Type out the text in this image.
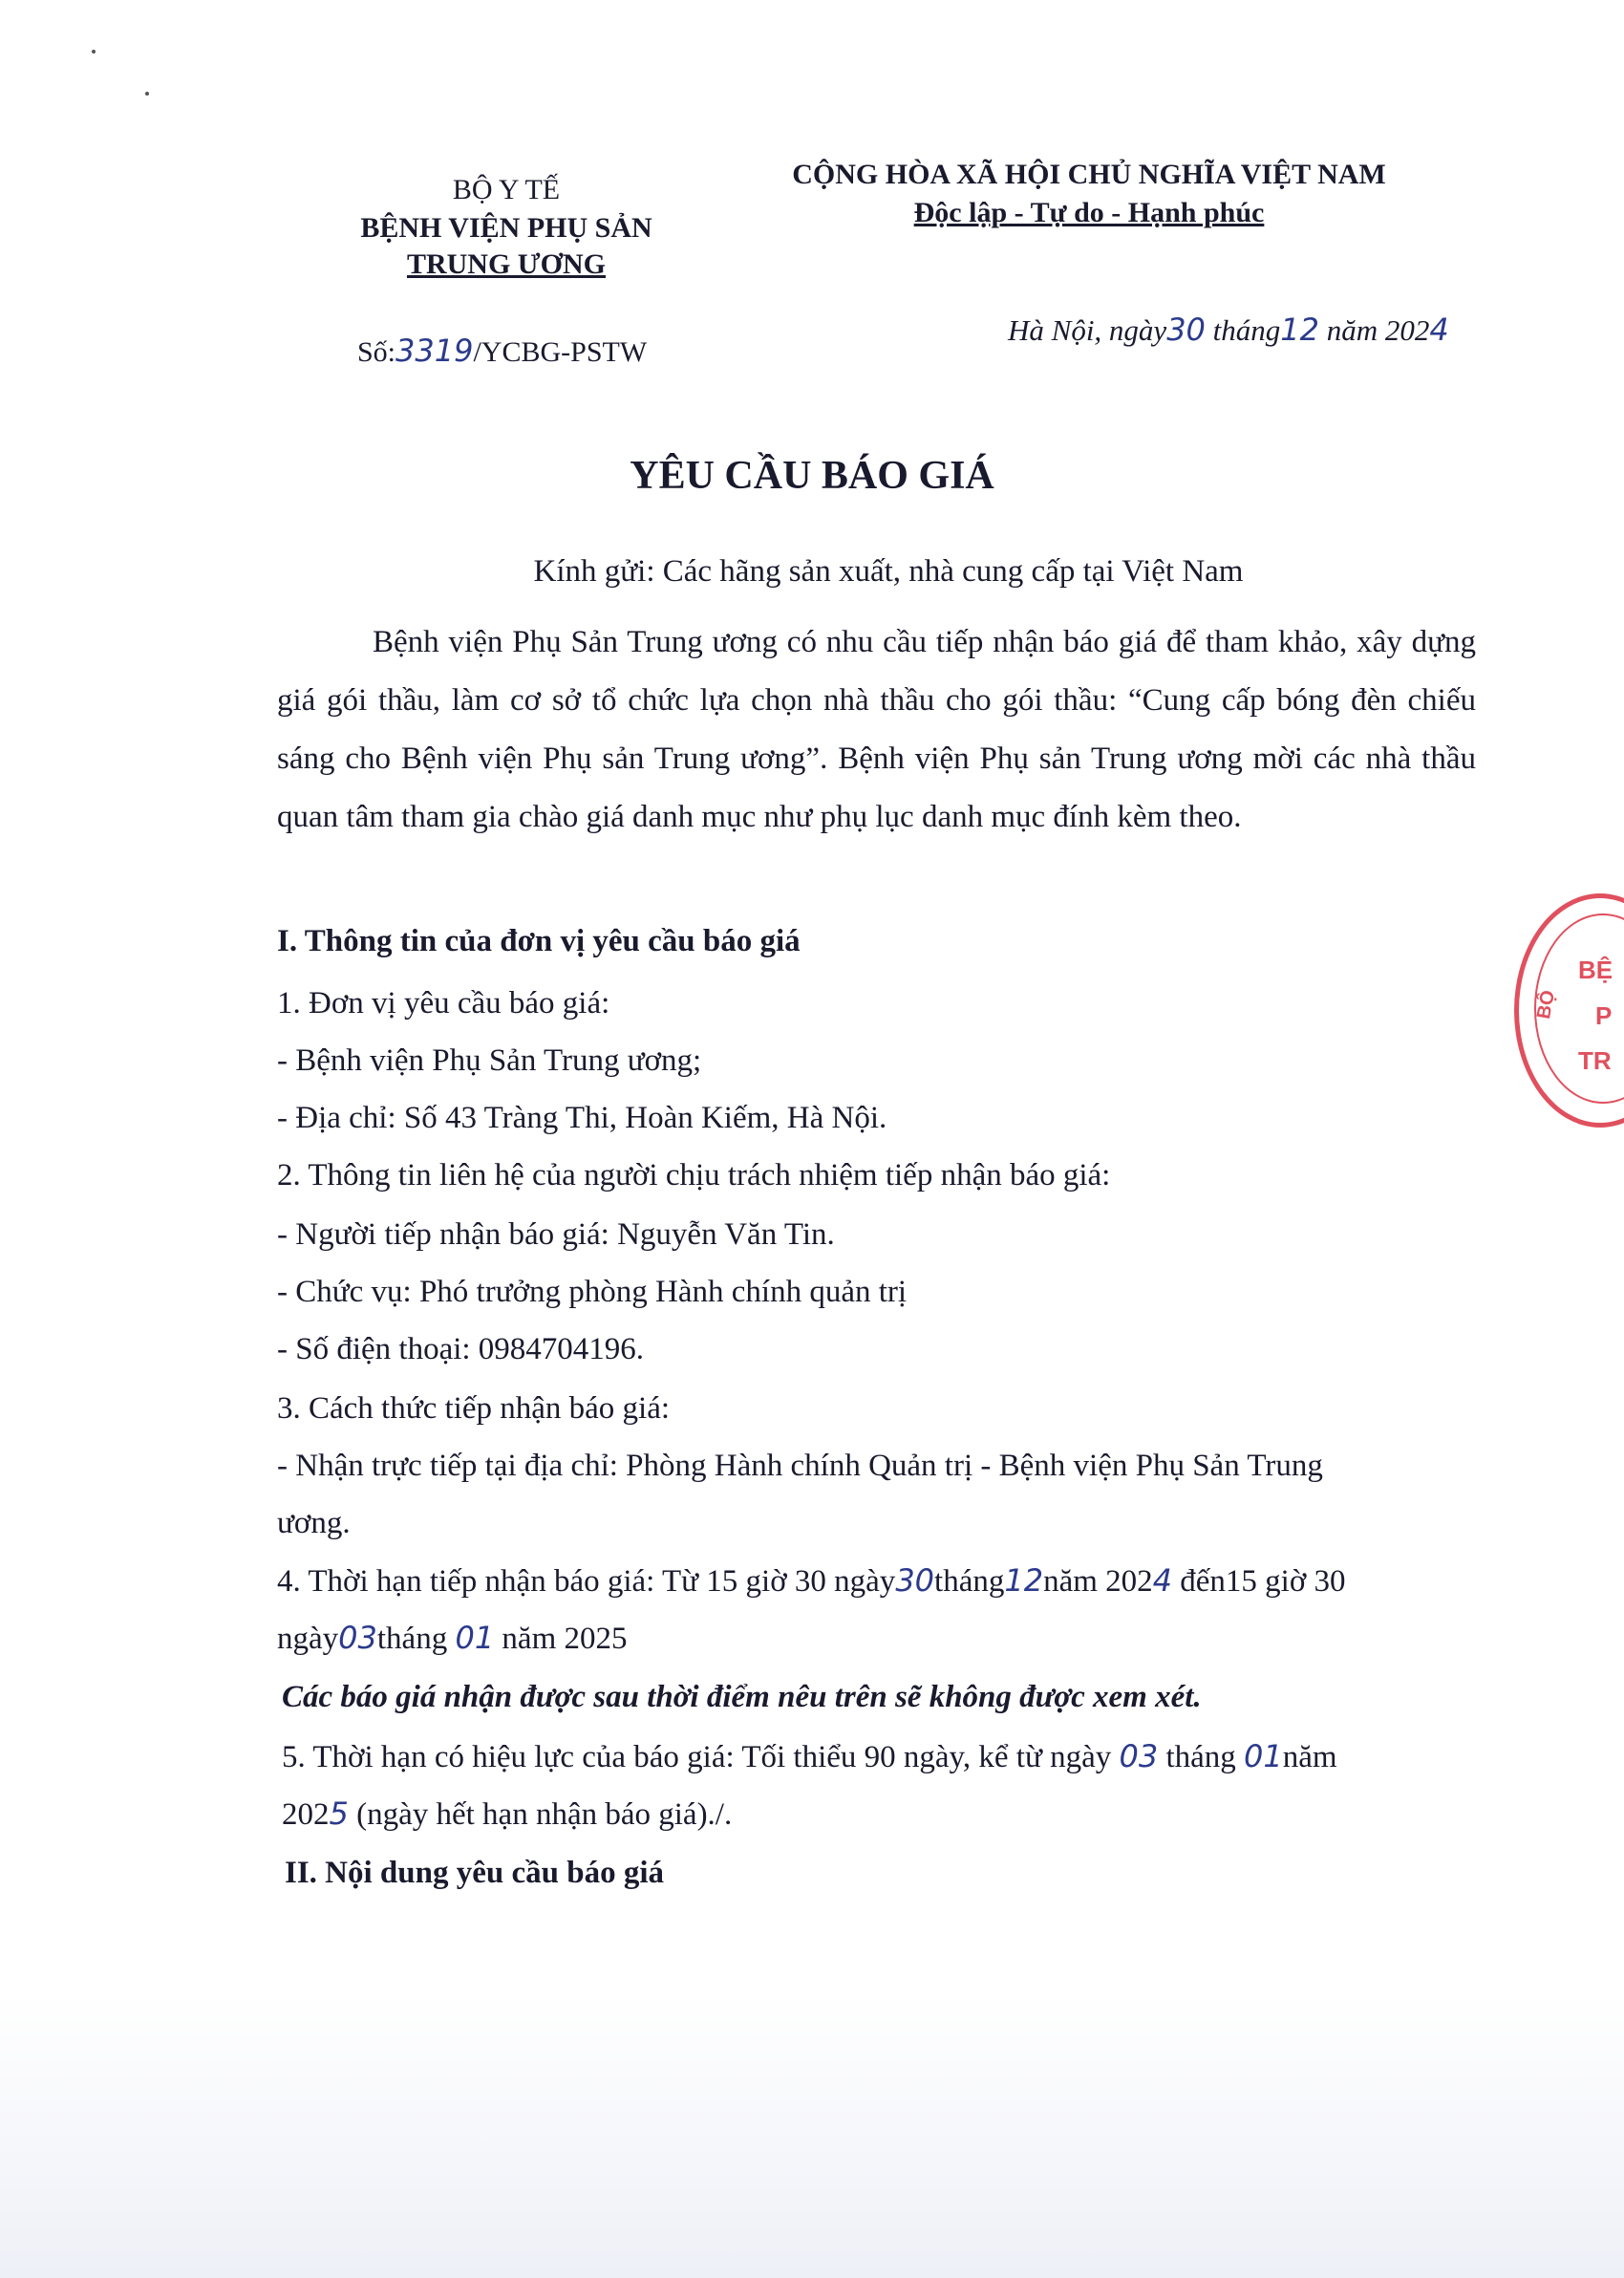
BỘ Y TẾ
BỆNH VIỆN PHỤ SẢN
TRUNG ƯƠNG
Số:3319/YCBG-PSTW
CỘNG HÒA XÃ HỘI CHỦ NGHĨA VIỆT NAM
Độc lập - Tự do - Hạnh phúc
Hà Nội, ngày30 tháng12 năm 2024
YÊU CẦU BÁO GIÁ
Kính gửi: Các hãng sản xuất, nhà cung cấp tại Việt Nam
Bệnh viện Phụ Sản Trung ương có nhu cầu tiếp nhận báo giá để tham khảo, xây dựng giá gói thầu, làm cơ sở tổ chức lựa chọn nhà thầu cho gói thầu: “Cung cấp bóng đèn chiếu sáng cho Bệnh viện Phụ sản Trung ương”. Bệnh viện Phụ sản Trung ương mời các nhà thầu quan tâm tham gia chào giá danh mục như phụ lục danh mục đính kèm theo.
I. Thông tin của đơn vị yêu cầu báo giá
1. Đơn vị yêu cầu báo giá:
- Bệnh viện Phụ Sản Trung ương;
- Địa chỉ: Số 43 Tràng Thi, Hoàn Kiếm, Hà Nội.
2. Thông tin liên hệ của người chịu trách nhiệm tiếp nhận báo giá:
- Người tiếp nhận báo giá: Nguyễn Văn Tin.
- Chức vụ: Phó trưởng phòng Hành chính quản trị
- Số điện thoại: 0984704196.
3. Cách thức tiếp nhận báo giá:
- Nhận trực tiếp tại địa chỉ: Phòng Hành chính Quản trị - Bệnh viện Phụ Sản Trung
ương.
4. Thời hạn tiếp nhận báo giá: Từ 15 giờ 30 ngày30tháng12năm 2024 đến15 giờ 30
ngày03tháng 01 năm 2025
Các báo giá nhận được sau thời điểm nêu trên sẽ không được xem xét.
5. Thời hạn có hiệu lực của báo giá: Tối thiểu 90 ngày, kể từ ngày 03 tháng 01năm
2025 (ngày hết hạn nhận báo giá)./.
II. Nội dung yêu cầu báo giá
BỆ
P
TR
BỘ
